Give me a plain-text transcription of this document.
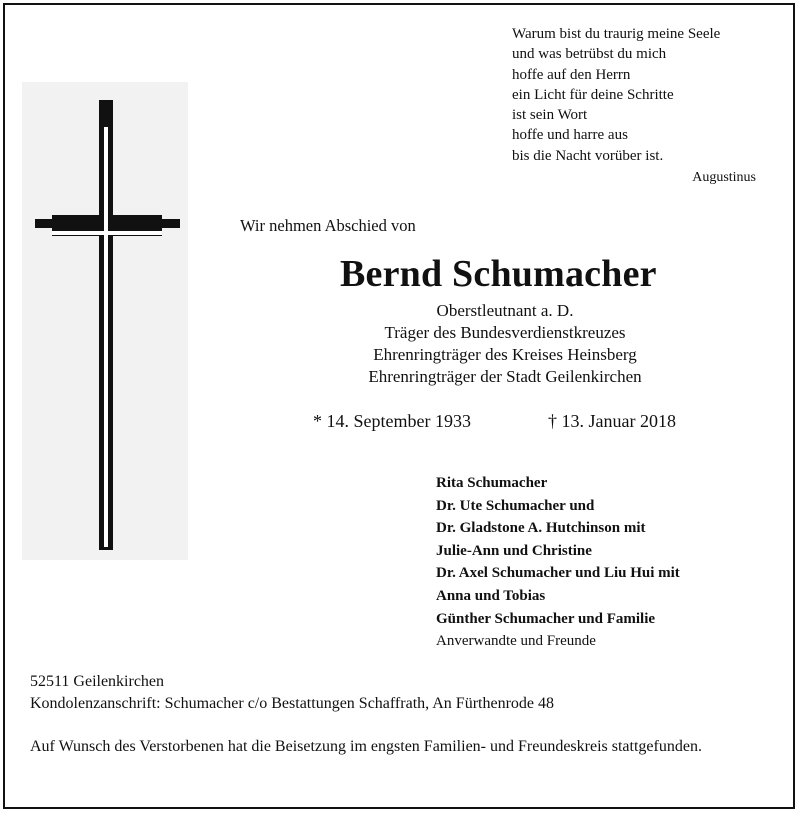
Warum bist du traurig meine Seele
und was betrübst du mich
hoffe auf den Herrn
ein Licht für deine Schritte
ist sein Wort
hoffe und harre aus
bis die Nacht vorüber ist.
Augustinus
Wir nehmen Abschied von
Bernd Schumacher
Oberstleutnant a. D.
Träger des Bundesverdienstkreuzes
Ehrenringträger des Kreises Heinsberg
Ehrenringträger der Stadt Geilenkirchen
* 14. September 1933	† 13. Januar 2018
Rita Schumacher
Dr. Ute Schumacher und
Dr. Gladstone A. Hutchinson mit
Julie-Ann und Christine
Dr. Axel Schumacher und Liu Hui mit
Anna und Tobias
Günther Schumacher und Familie
Anverwandte und Freunde
52511 Geilenkirchen
Kondolenzanschrift: Schumacher c/o Bestattungen Schaffrath, An Fürthenrode 48
Auf Wunsch des Verstorbenen hat die Beisetzung im engsten Familien- und Freundeskreis stattgefunden.
